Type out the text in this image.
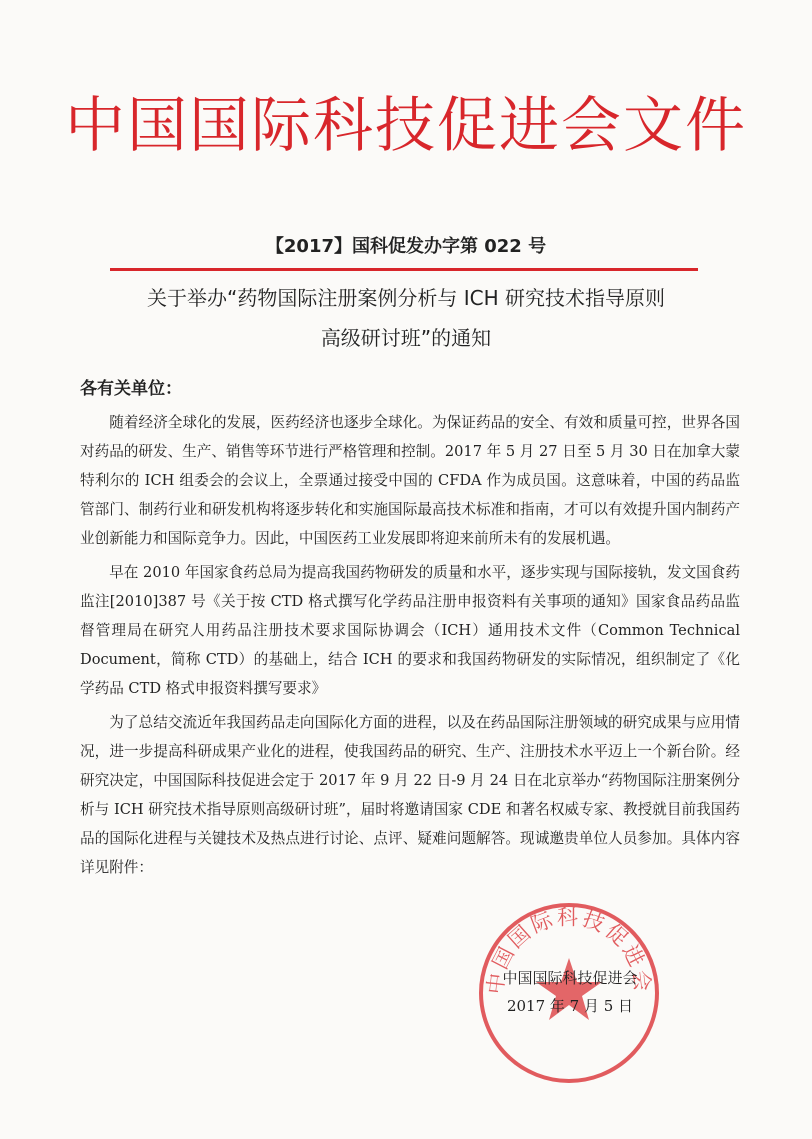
中国国际科技促进会文件
【2017】国科促发办字第 022 号
关于举办“药物国际注册案例分析与 ICH 研究技术指导原则
高级研讨班”的通知
各有关单位：

随着经济全球化的发展，医药经济也逐步全球化。为保证药品的安全、有效和质量可控，世界各国对药品的研发、生产、销售等环节进行严格管理和控制。2017 年 5 月 27 日至 5 月 30 日在加拿大蒙特利尔的 ICH 组委会的会议上，全票通过接受中国的 CFDA 作为成员国。这意味着，中国的药品监管部门、制药行业和研发机构将逐步转化和实施国际最高技术标准和指南，才可以有效提升国内制药产业创新能力和国际竞争力。因此，中国医药工业发展即将迎来前所未有的发展机遇。

早在 2010 年国家食药总局为提高我国药物研发的质量和水平，逐步实现与国际接轨，发文国食药监注[2010]387 号《关于按 CTD 格式撰写化学药品注册申报资料有关事项的通知》国家食品药品监督管理局在研究人用药品注册技术要求国际协调会（ICH）通用技术文件（Common Technical Document，简称 CTD）的基础上，结合 ICH 的要求和我国药物研发的实际情况，组织制定了《化学药品 CTD 格式申报资料撰写要求》

为了总结交流近年我国药品走向国际化方面的进程，以及在药品国际注册领域的研究成果与应用情况，进一步提高科研成果产业化的进程，使我国药品的研究、生产、注册技术水平迈上一个新台阶。经研究决定，中国国际科技促进会定于 2017 年 9 月 22 日-9 月 24 日在北京举办“药物国际注册案例分析与 ICH 研究技术指导原则高级研讨班”，届时将邀请国家 CDE 和著名权威专家、教授就目前我国药品的国际化进程与关键技术及热点进行讨论、点评、疑难问题解答。现诚邀贵单位人员参加。具体内容详见附件：

中国国际科技促进会
中国国际科技促进会
2017 年 7 月 5 日
